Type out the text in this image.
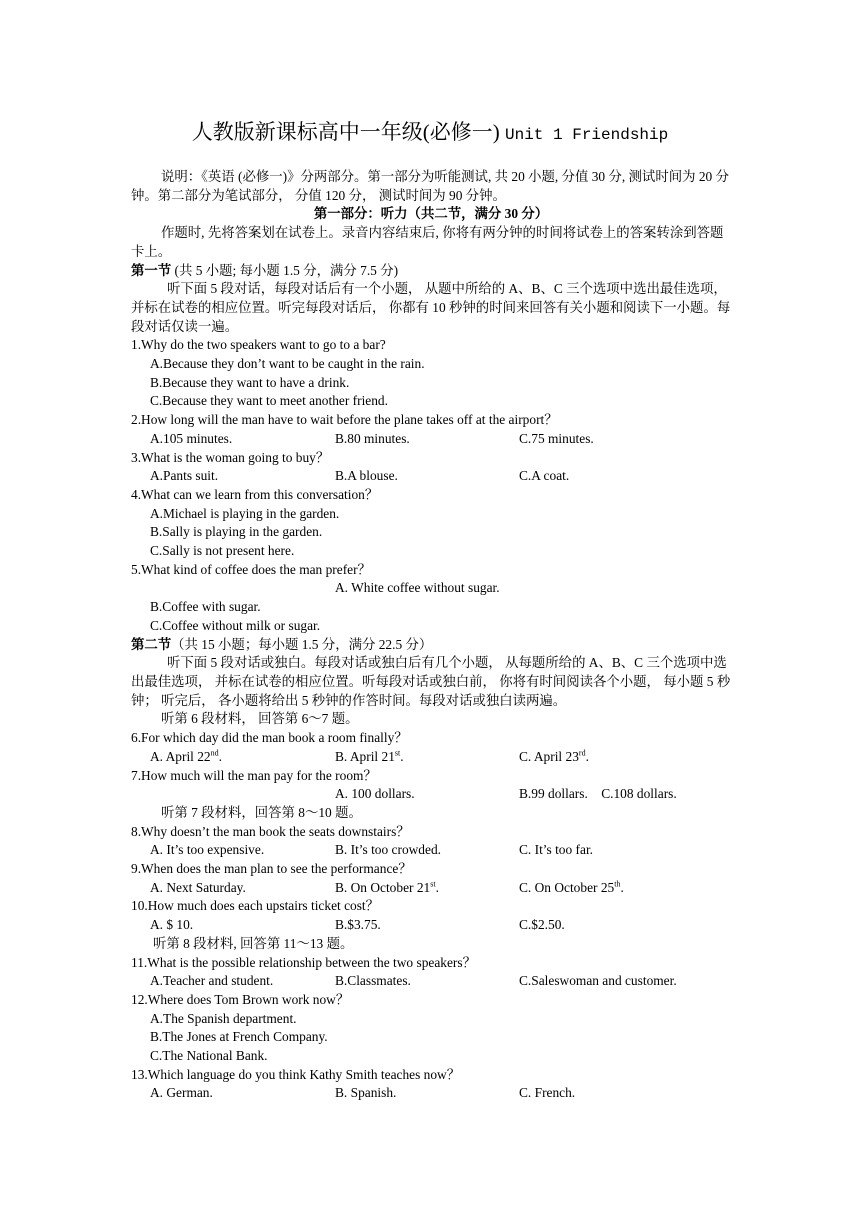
人教版新课标高中一年级(必修一) Unit 1 Friendship

说明：《英语 (必修一)》分两部分。第一部分为听能测试, 共 20 小题, 分值 30 分, 测试时间为 20 分钟。第二部分为笔试部分， 分值 120 分， 测试时间为 90 分钟。

第一部分：听力（共二节，满分 30 分）

作题时, 先将答案划在试卷上。录音内容结束后, 你将有两分钟的时间将试卷上的答案转涂到答题卡上。

第一节 (共 5 小题; 每小题 1.5 分，满分 7.5 分)

听下面 5 段对话，每段对话后有一个小题， 从题中所给的 A、B、C 三个选项中选出最佳选项， 并标在试卷的相应位置。听完每段对话后， 你都有 10 秒钟的时间来回答有关小题和阅读下一小题。每段对话仅读一遍。

1.Why do the two speakers want to go to a bar?

A.Because they don’t want to be caught in the rain.

B.Because they want to have a drink.

C.Because they want to meet another friend.

2.How long will the man have to wait before the plane takes off at the airport？

A.105 minutes.	B.80 minutes.	C.75 minutes.

3.What is the woman going to buy？

A.Pants suit.	B.A blouse.	C.A coat.

4.What can we learn from this conversation？

A.Michael is playing in the garden.

B.Sally is playing in the garden.

C.Sally is not present here.

5.What kind of coffee does the man prefer？

A. White coffee without sugar.

B.Coffee with sugar.

C.Coffee without milk or sugar.

第二节（共 15 小题；每小题 1.5 分，满分 22.5 分）

听下面 5 段对话或独白。每段对话或独白后有几个小题， 从每题所给的 A、B、C 三个选项中选出最佳选项， 并标在试卷的相应位置。听每段对话或独白前， 你将有时间阅读各个小题， 每小题 5 秒钟； 听完后， 各小题将给出 5 秒钟的作答时间。每段对话或独白读两遍。

听第 6 段材料， 回答第 6～7 题。

6.For which day did the man book a room finally？

A. April 22nd.	B. April 21st.	C. April 23rd.

7.How much will the man pay for the room？

A. 100 dollars.	B.99 dollars. C.108 dollars.

听第 7 段材料，回答第 8～10 题。

8.Why doesn’t the man book the seats downstairs？

A. It’s too expensive.	B. It’s too crowded.	C. It’s too far.

9.When does the man plan to see the performance？

A. Next Saturday.	B. On October 21st.	C. On October 25th.

10.How much does each upstairs ticket cost？

A. $ 10.	B.$3.75.	C.$2.50.

听第 8 段材料, 回答第 11～13 题。

11.What is the possible relationship between the two speakers？

A.Teacher and student.	B.Classmates.	C.Saleswoman and customer.

12.Where does Tom Brown work now？

A.The Spanish department.

B.The Jones at French Company.

C.The National Bank.

13.Which language do you think Kathy Smith teaches now？

A. German.	B. Spanish.	C. French.
